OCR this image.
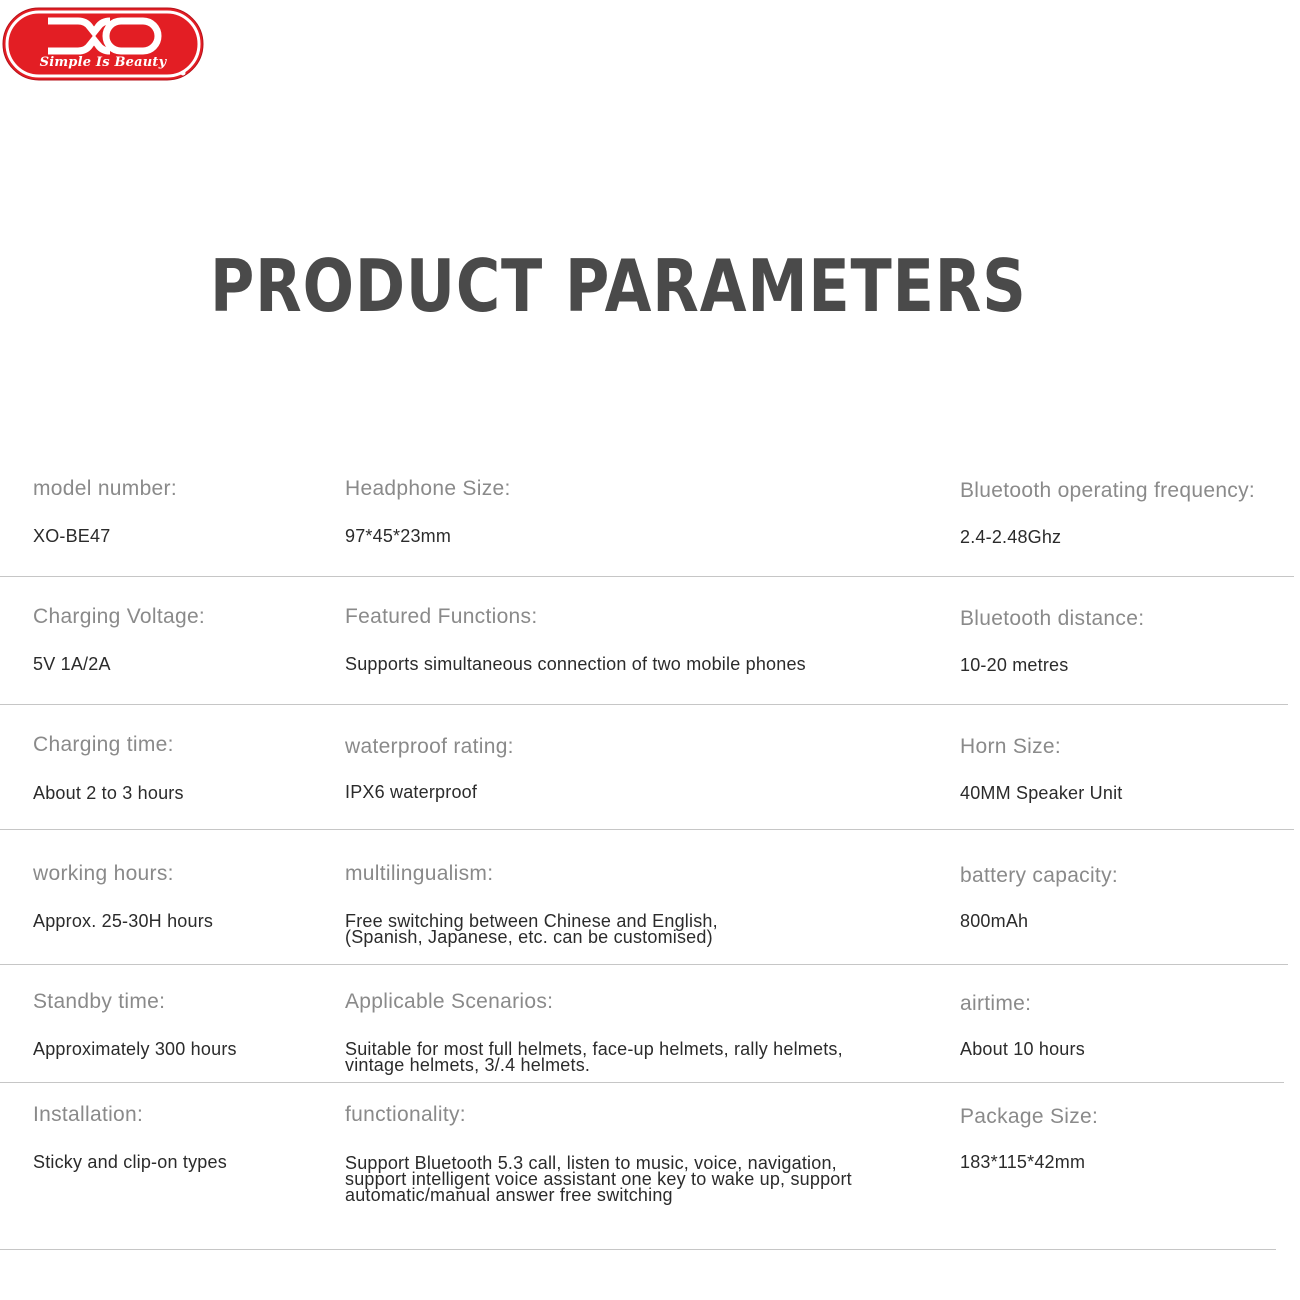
Simple Is Beauty
PRODUCT PARAMETERS
model number:
XO-BE47
Headphone Size:
97*45*23mm
Bluetooth operating frequency:
2.4-2.48Ghz
Charging Voltage:
5V 1A/2A
Featured Functions:
Supports simultaneous connection of two mobile phones
Bluetooth distance:
10-20 metres
Charging time:
About 2 to 3 hours
waterproof rating:
IPX6 waterproof
Horn Size:
40MM Speaker Unit
working hours:
Approx. 25-30H hours
multilingualism:
Free switching between Chinese and English,
(Spanish, Japanese, etc. can be customised)
battery capacity:
800mAh
Standby time:
Approximately 300 hours
Applicable Scenarios:
Suitable for most full helmets, face-up helmets, rally helmets,
vintage helmets, 3/.4 helmets.
airtime:
About 10 hours
Installation:
Sticky and clip-on types
functionality:
Support Bluetooth 5.3 call, listen to music, voice, navigation,
support intelligent voice assistant one key to wake up, support
automatic/manual answer free switching
Package Size:
183*115*42mm
